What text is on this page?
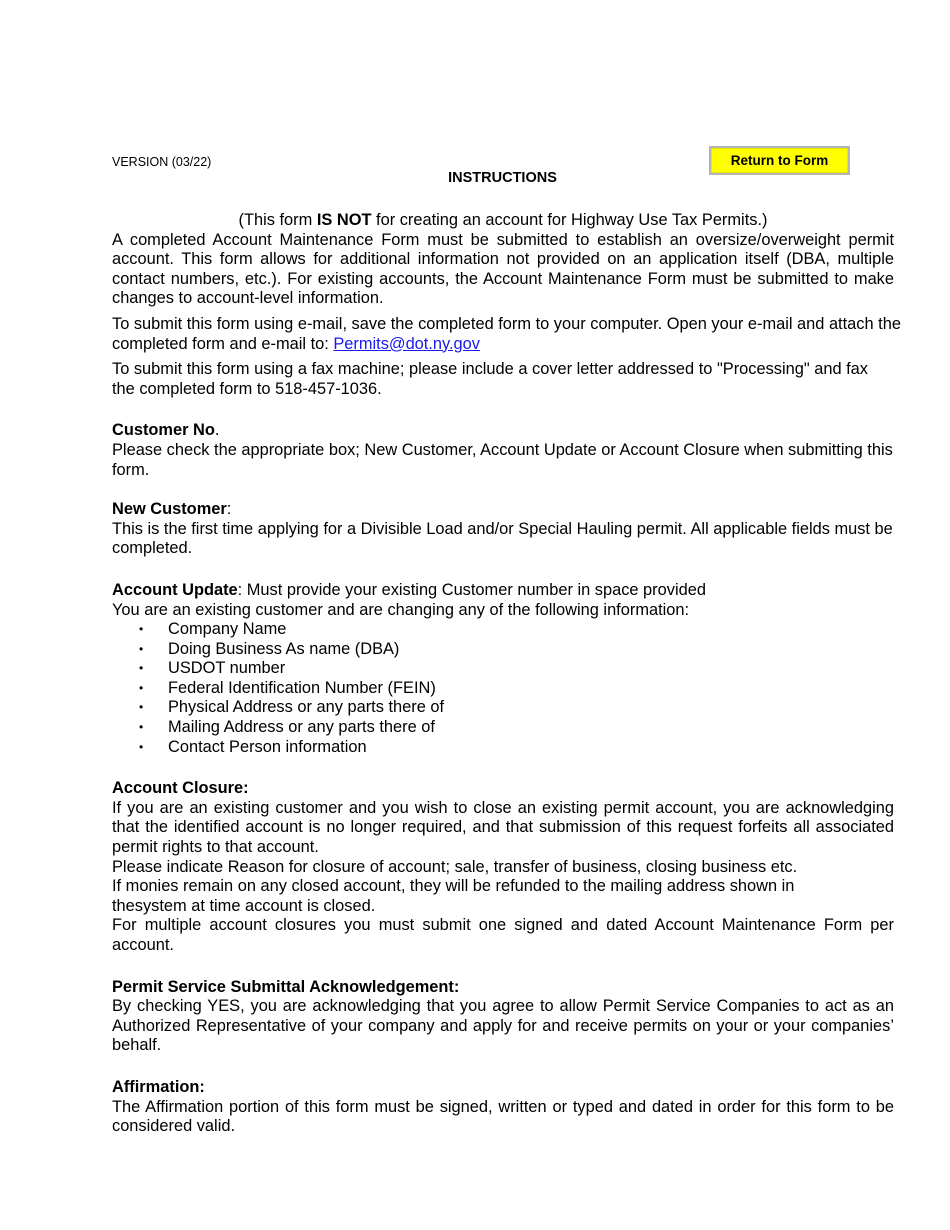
VERSION (03/22)	Return to Form
INSTRUCTIONS

(This form IS NOT for creating an account for Highway Use Tax Permits.)

A completed Account Maintenance Form must be submitted to establish an oversize/overweight permit account. This form allows for additional information not provided on an application itself (DBA, multiple contact numbers, etc.). For existing accounts, the Account Maintenance Form must be submitted to make changes to account-level information.

To submit this form using e-mail, save the completed form to your computer. Open your e-mail and attach the completed form and e-mail to: Permits@dot.ny.gov

To submit this form using a fax machine; please include a cover letter addressed to "Processing" and fax the completed form to 518-457-1036.

Customer No.

Please check the appropriate box; New Customer, Account Update or Account Closure when submitting this form.

New Customer:

This is the first time applying for a Divisible Load and/or Special Hauling permit. All applicable fields must be completed.

Account Update: Must provide your existing Customer number in space provided

You are an existing customer and are changing any of the following information:

• Company Name
• Doing Business As name (DBA)
• USDOT number
• Federal Identification Number (FEIN)
• Physical Address or any parts there of
• Mailing Address or any parts there of
• Contact Person information

Account Closure:

If you are an existing customer and you wish to close an existing permit account, you are acknowledging that the identified account is no longer required, and that submission of this request forfeits all associated permit rights to that account.

Please indicate Reason for closure of account; sale, transfer of business, closing business etc.

If monies remain on any closed account, they will be refunded to the mailing address shown in thesystem at time account is closed.

For multiple account closures you must submit one signed and dated Account Maintenance Form per account.

Permit Service Submittal Acknowledgement:

By checking YES, you are acknowledging that you agree to allow Permit Service Companies to act as an Authorized Representative of your company and apply for and receive permits on your or your companies’ behalf.

Affirmation:

The Affirmation portion of this form must be signed, written or typed and dated in order for this form to be considered valid.
